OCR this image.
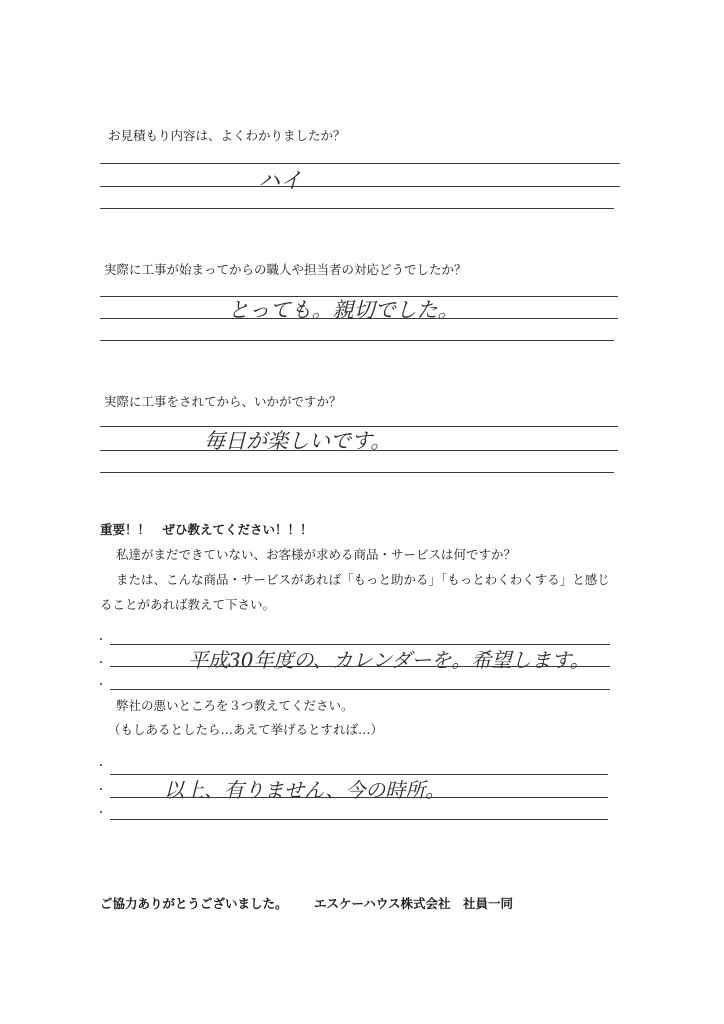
お見積もり内容は、よくわかりましたか？
ハイ
実際に工事が始まってからの職人や担当者の対応どうでしたか？
とっても。親切でした。
実際に工事をされてから、いかがですか？
毎日が楽しいです。
重要！！　ぜひ教えてください！！！
私達がまだできていない、お客様が求める商品・サービスは何ですか？
または、こんな商品・サービスがあれば「もっと助かる」「もっとわくわくする」と感じ
ることがあれば教えて下さい。
・
平成30年度の、カレンダーを。希望します。
・
・
弊社の悪いところを３つ教えてください。
（もしあるとしたら…あえて挙げるとすれば…）
・
以上、有りません、今の時所。
・
・
ご協力ありがとうございました。 エスケーハウス株式会社　社員一同
